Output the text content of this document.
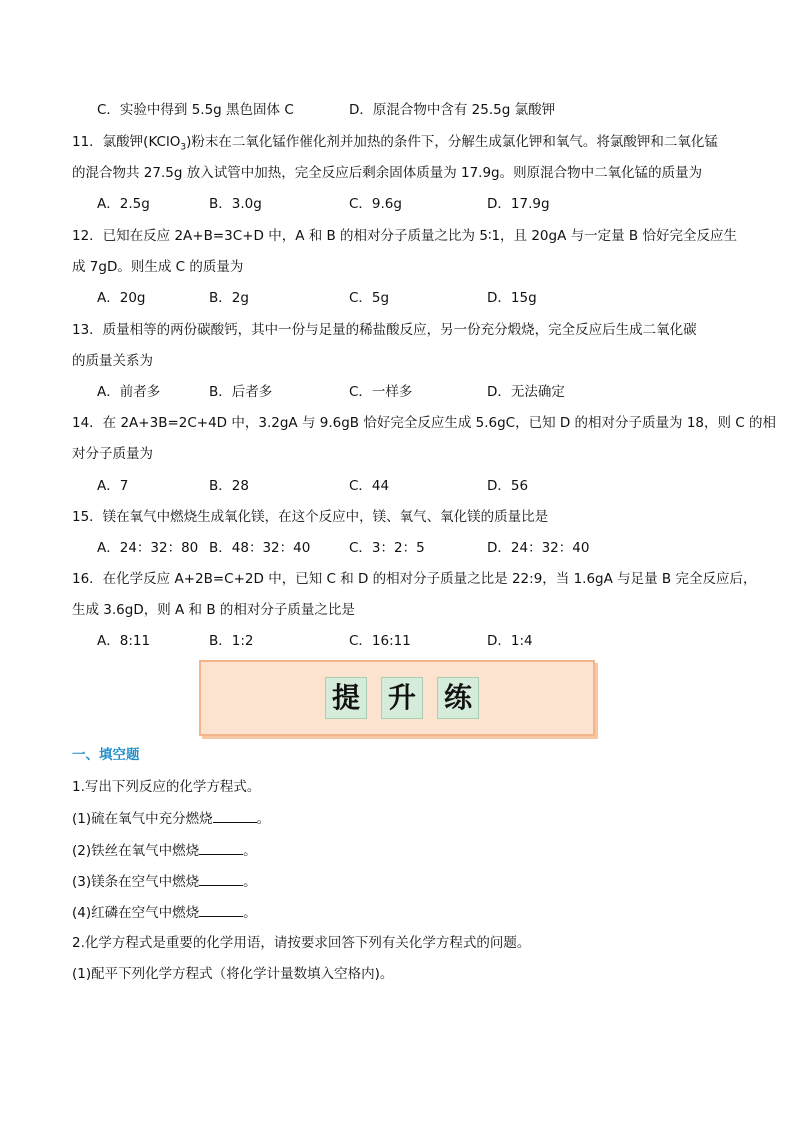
C．实验中得到 5.5g 黑色固体 C	D．原混合物中含有 25.5g 氯酸钾
11．氯酸钾(KClO$_3$)粉末在二氧化锰作催化剂并加热的条件下，分解生成氯化钾和氧气。将氯酸钾和二氧化锰
的混合物共 27.5g 放入试管中加热，完全反应后剩余固体质量为 17.9g。则原混合物中二氧化锰的质量为
A．2.5g	B．3.0g	C．9.6g	D．17.9g
12．已知在反应 2A+B=3C+D 中，A 和 B 的相对分子质量之比为 5∶1，且 20gA 与一定量 B 恰好完全反应生
成 7gD。则生成 C 的质量为
A．20g	B．2g	C．5g	D．15g
13．质量相等的两份碳酸钙，其中一份与足量的稀盐酸反应，另一份充分煅烧，完全反应后生成二氧化碳
的质量关系为
A．前者多	B．后者多	C．一样多	D．无法确定
14．在 2A+3B=2C+4D 中，3.2gA 与 9.6gB 恰好完全反应生成 5.6gC，已知 D 的相对分子质量为 18，则 C 的相
对分子质量为
A．7	B．28	C．44	D．56
15．镁在氧气中燃烧生成氧化镁，在这个反应中，镁、氧气、氧化镁的质量比是
A．24：32：80 B．48：32：40	C．3：2：5	D．24：32：40
16．在化学反应 A+2B=C+2D 中，已知 C 和 D 的相对分子质量之比是 22:9，当 1.6gA 与足量 B 完全反应后，
生成 3.6gD，则 A 和 B 的相对分子质量之比是
A．8:11	B．1:2	C．16:11	D．1:4
提 升 练
一、填空题
1.写出下列反应的化学方程式。
(1)硫在氧气中充分燃烧	。
(2)铁丝在氧气中燃烧	。
(3)镁条在空气中燃烧	。
(4)红磷在空气中燃烧	。
2.化学方程式是重要的化学用语，请按要求回答下列有关化学方程式的问题。
(1)配平下列化学方程式（将化学计量数填入空格内)。
